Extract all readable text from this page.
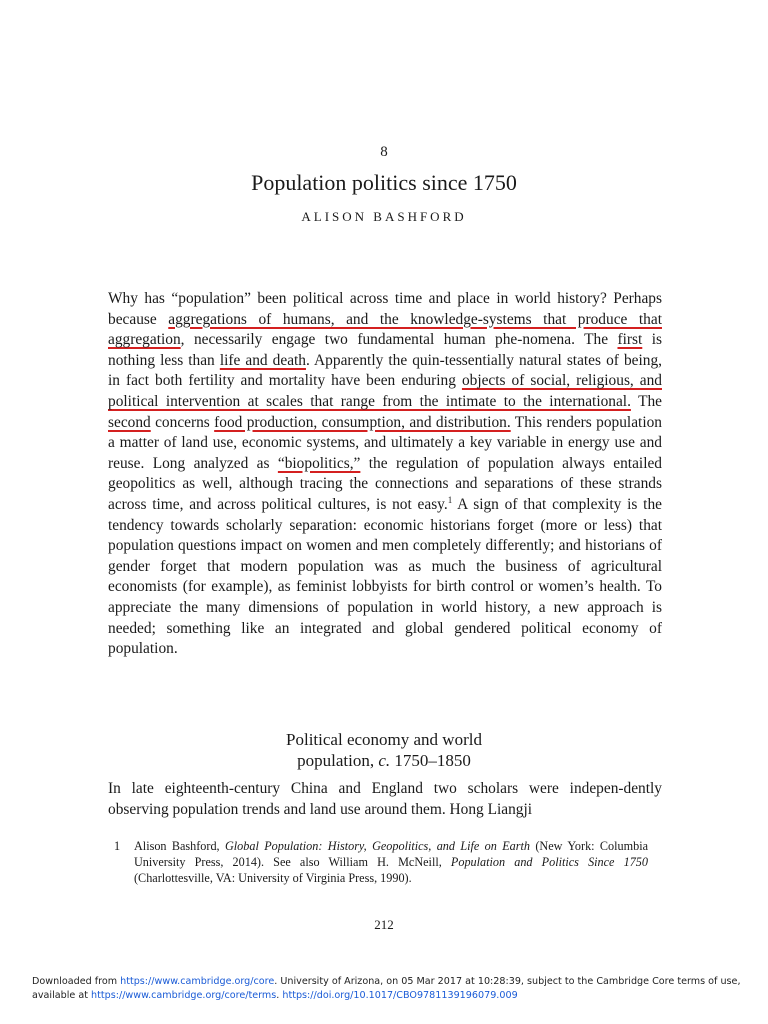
8
Population politics since 1750
ALISON BASHFORD
Why has “population” been political across time and place in world history? Perhaps because aggregations of humans, and the knowledge-systems that produce that aggregation, necessarily engage two fundamental human phe-nomena. The first is nothing less than life and death. Apparently the quin-tessentially natural states of being, in fact both fertility and mortality have been enduring objects of social, religious, and political intervention at scales that range from the intimate to the international. The second concerns food production, consumption, and distribution. This renders population a matter of land use, economic systems, and ultimately a key variable in energy use and reuse. Long analyzed as “biopolitics,” the regulation of population always entailed geopolitics as well, although tracing the connections and separations of these strands across time, and across political cultures, is not easy.$^1$ A sign of that complexity is the tendency towards scholarly separation: economic historians forget (more or less) that population questions impact on women and men completely differently; and historians of gender forget that modern population was as much the business of agricultural economists (for example), as feminist lobbyists for birth control or women’s health. To appreciate the many dimensions of population in world history, a new approach is needed; something like an integrated and global gendered political economy of population.
Political economy and world
population, c. 1750–1850
In late eighteenth-century China and England two scholars were indepen-dently observing population trends and land use around them. Hong Liangji
1	Alison Bashford, Global Population: History, Geopolitics, and Life on Earth (New York: Columbia University Press, 2014). See also William H. McNeill, Population and Politics Since 1750 (Charlottesville, VA: University of Virginia Press, 1990).
212
Downloaded from https://www.cambridge.org/core. University of Arizona, on 05 Mar 2017 at 10:28:39, subject to the Cambridge Core terms of use,
available at https://www.cambridge.org/core/terms. https://doi.org/10.1017/CBO9781139196079.009
